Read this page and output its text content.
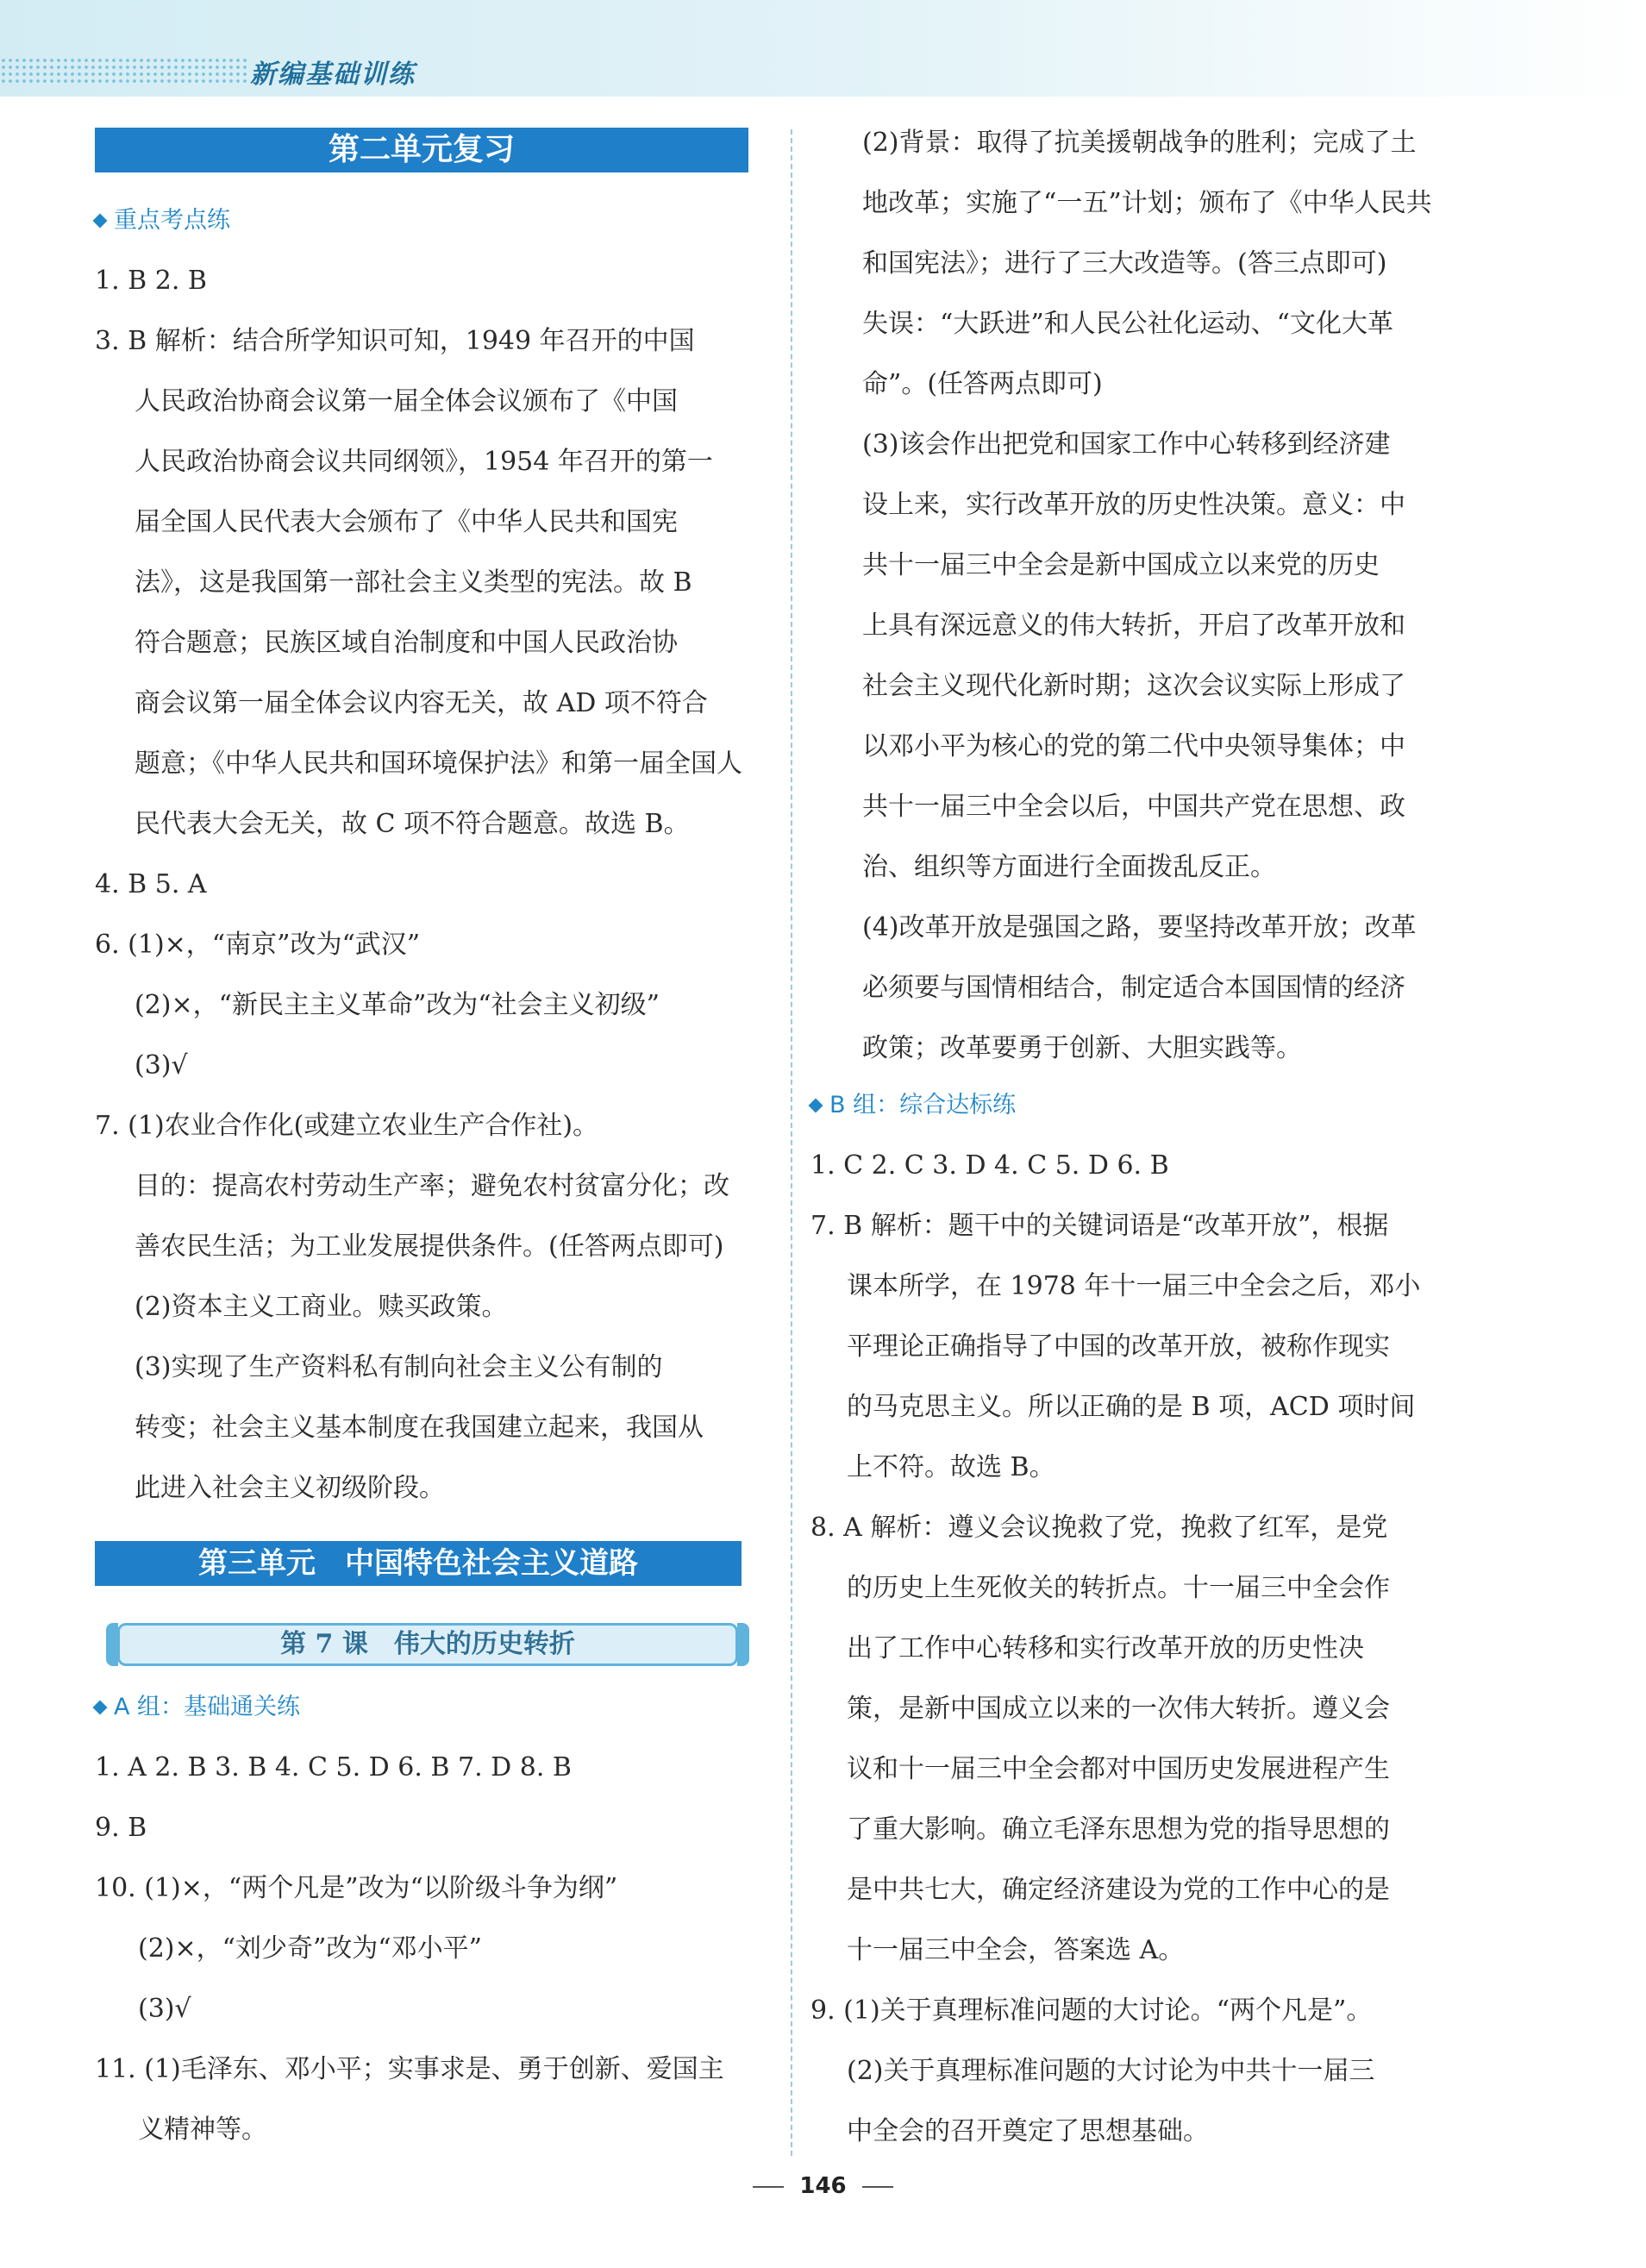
新编基础训练
第二单元复习
重点考点练
1. B 2. B
3. B 解析：结合所学知识可知，1949 年召开的中国
人民政治协商会议第一届全体会议颁布了《中国
人民政治协商会议共同纲领》，1954 年召开的第一
届全国人民代表大会颁布了《中华人民共和国宪
法》，这是我国第一部社会主义类型的宪法。故 B
符合题意；民族区域自治制度和中国人民政治协
商会议第一届全体会议内容无关，故 AD 项不符合
题意；《中华人民共和国环境保护法》和第一届全国人
民代表大会无关，故 C 项不符合题意。故选 B。
4. B 5. A
6. (1)×，“南京”改为“武汉”
(2)×，“新民主主义革命”改为“社会主义初级”
(3)√
7. (1)农业合作化(或建立农业生产合作社)。
目的：提高农村劳动生产率；避免农村贫富分化；改
善农民生活；为工业发展提供条件。(任答两点即可)
(2)资本主义工商业。赎买政策。
(3)实现了生产资料私有制向社会主义公有制的
转变；社会主义基本制度在我国建立起来，我国从
此进入社会主义初级阶段。
第三单元　中国特色社会主义道路
第 7 课　伟大的历史转折
A 组：基础通关练
1. A 2. B 3. B 4. C 5. D 6. B 7. D 8. B
9. B
10. (1)×，“两个凡是”改为“以阶级斗争为纲”
(2)×，“刘少奇”改为“邓小平”
(3)√
11. (1)毛泽东、邓小平；实事求是、勇于创新、爱国主
义精神等。
(2)背景：取得了抗美援朝战争的胜利；完成了土
地改革；实施了“一五”计划；颁布了《中华人民共
和国宪法》；进行了三大改造等。(答三点即可)
失误：“大跃进”和人民公社化运动、“文化大革
命”。(任答两点即可)
(3)该会作出把党和国家工作中心转移到经济建
设上来，实行改革开放的历史性决策。意义：中
共十一届三中全会是新中国成立以来党的历史
上具有深远意义的伟大转折，开启了改革开放和
社会主义现代化新时期；这次会议实际上形成了
以邓小平为核心的党的第二代中央领导集体；中
共十一届三中全会以后，中国共产党在思想、政
治、组织等方面进行全面拨乱反正。
(4)改革开放是强国之路，要坚持改革开放；改革
必须要与国情相结合，制定适合本国国情的经济
政策；改革要勇于创新、大胆实践等。
B 组：综合达标练
1. C 2. C 3. D 4. C 5. D 6. B
7. B 解析：题干中的关键词语是“改革开放”，根据
课本所学，在 1978 年十一届三中全会之后，邓小
平理论正确指导了中国的改革开放，被称作现实
的马克思主义。所以正确的是 B 项，ACD 项时间
上不符。故选 B。
8. A 解析：遵义会议挽救了党，挽救了红军，是党
的历史上生死攸关的转折点。十一届三中全会作
出了工作中心转移和实行改革开放的历史性决
策，是新中国成立以来的一次伟大转折。遵义会
议和十一届三中全会都对中国历史发展进程产生
了重大影响。确立毛泽东思想为党的指导思想的
是中共七大，确定经济建设为党的工作中心的是
十一届三中全会，答案选 A。
9. (1)关于真理标准问题的大讨论。“两个凡是”。
(2)关于真理标准问题的大讨论为中共十一届三
中全会的召开奠定了思想基础。
146
